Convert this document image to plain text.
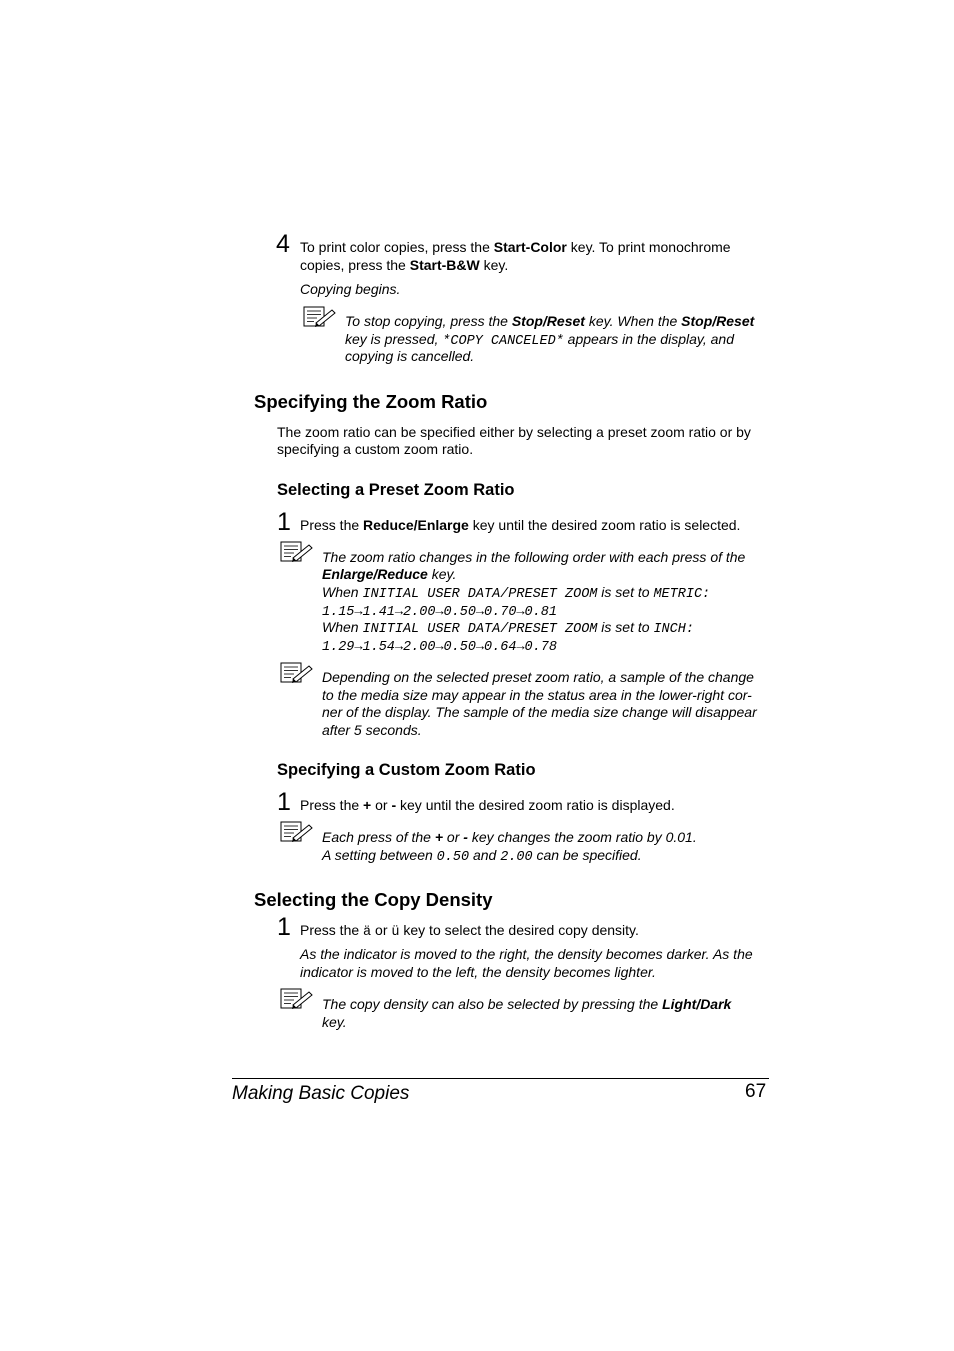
4 To print color copies, press the Start-Color key. To print monochrome
copies, press the Start-B&W key.
Copying begins.
To stop copying, press the Stop/Reset key. When the Stop/Reset
key is pressed, *COPY CANCELED* appears in the display, and
copying is cancelled.
Specifying the Zoom Ratio
The zoom ratio can be specified either by selecting a preset zoom ratio or by
specifying a custom zoom ratio.
Selecting a Preset Zoom Ratio
1 Press the Reduce/Enlarge key until the desired zoom ratio is selected.
The zoom ratio changes in the following order with each press of the
Enlarge/Reduce key.
When INITIAL USER DATA/PRESET ZOOM is set to METRIC:
1.15→1.41→2.00→0.50→0.70→0.81
When INITIAL USER DATA/PRESET ZOOM is set to INCH:
1.29→1.54→2.00→0.50→0.64→0.78
Depending on the selected preset zoom ratio, a sample of the change
to the media size may appear in the status area in the lower-right cor-
ner of the display. The sample of the media size change will disappear
after 5 seconds.
Specifying a Custom Zoom Ratio
1 Press the + or - key until the desired zoom ratio is displayed.
Each press of the + or - key changes the zoom ratio by 0.01.
A setting between 0.50 and 2.00 can be specified.
Selecting the Copy Density
1 Press the ä or ü key to select the desired copy density.
As the indicator is moved to the right, the density becomes darker. As the
indicator is moved to the left, the density becomes lighter.
The copy density can also be selected by pressing the Light/Dark
key.
Making Basic Copies	67
